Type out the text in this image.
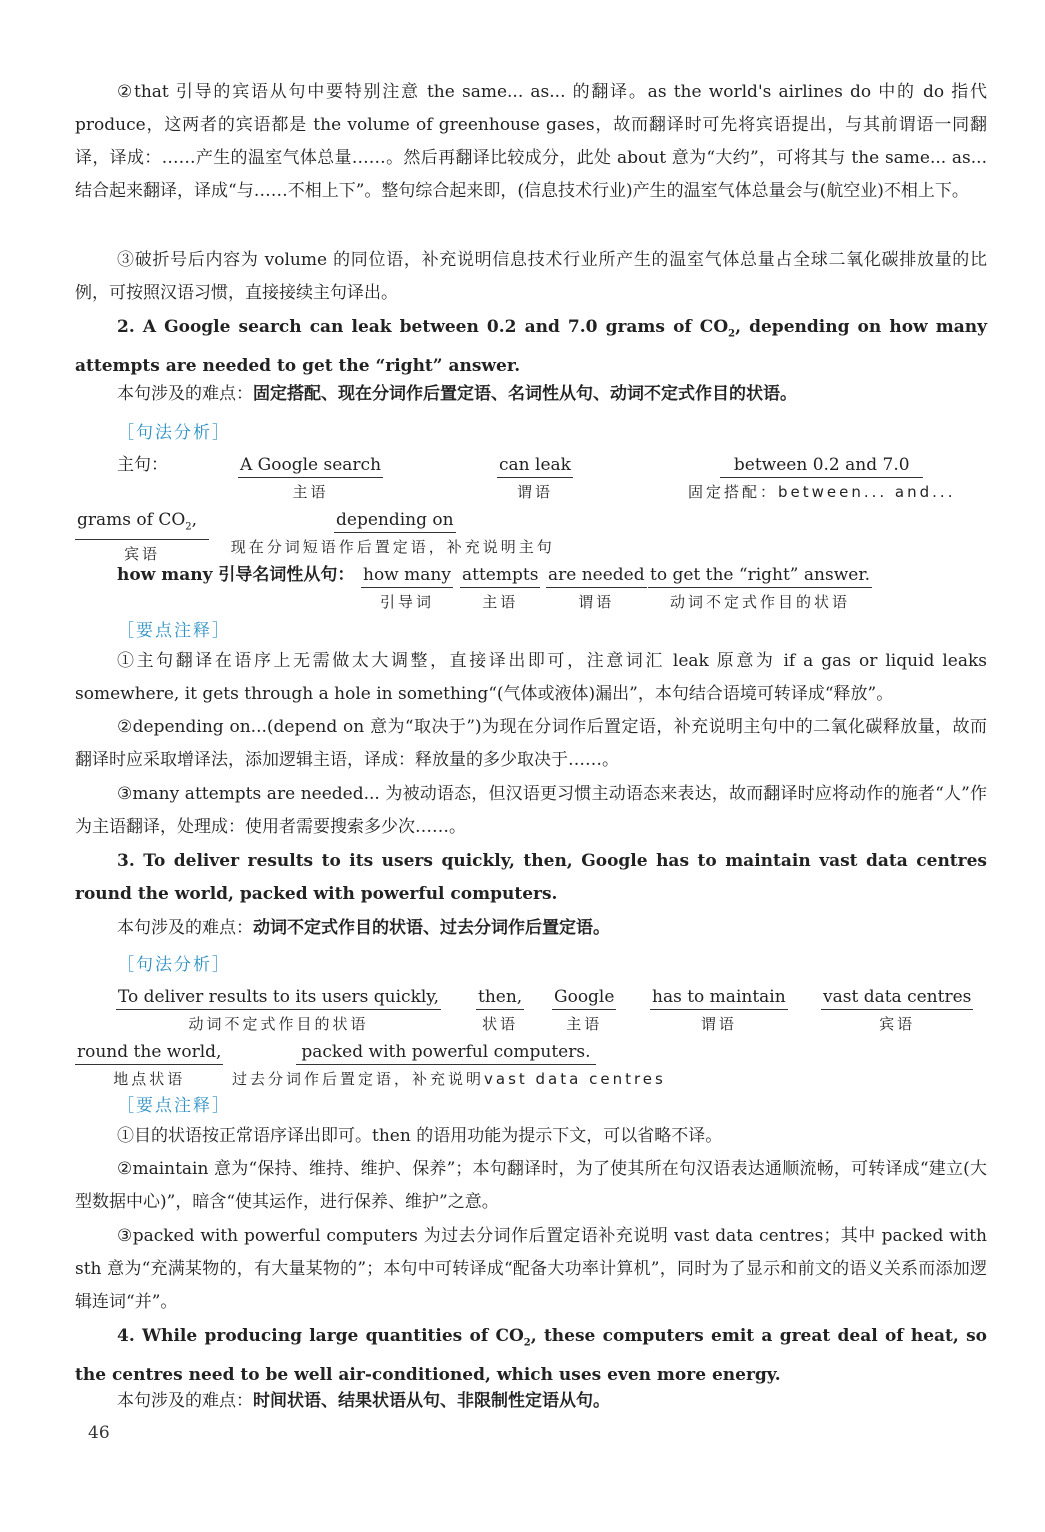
②that 引导的宾语从句中要特别注意 the same... as... 的翻译。as the world's airlines do 中的 do 指代 produce，这两者的宾语都是 the volume of greenhouse gases，故而翻译时可先将宾语提出，与其前谓语一同翻译，译成：……产生的温室气体总量……。然后再翻译比较成分，此处 about 意为“大约”，可将其与 the same... as... 结合起来翻译，译成“与……不相上下”。整句综合起来即，(信息技术行业)产生的温室气体总量会与(航空业)不相上下。

③破折号后内容为 volume 的同位语，补充说明信息技术行业所产生的温室气体总量占全球二氧化碳排放量的比例，可按照汉语习惯，直接接续主句译出。

2. A Google search can leak between 0.2 and 7.0 grams of $CO_2$, depending on how many attempts are needed to get the “right” answer.

本句涉及的难点：固定搭配、现在分词作后置定语、名词性从句、动词不定式作目的状语。

［句法分析］
主句：	A Google search
主语
can leak
谓语
between 0.2 and 7.0
固定搭配：between... and...
grams of $CO_2$,
宾语
depending on
现在分词短语作后置定语，补充说明主句
how many 引导名词性从句： how many
引导词
attempts
主语
are needed
谓语
to get the “right” answer.
动词不定式作目的状语
［要点注释］

①主句翻译在语序上无需做太大调整，直接译出即可，注意词汇 leak 原意为 if a gas or liquid leaks somewhere, it gets through a hole in something“(气体或液体)漏出”，本句结合语境可转译成“释放”。

②depending on...(depend on 意为“取决于”)为现在分词作后置定语，补充说明主句中的二氧化碳释放量，故而翻译时应采取增译法，添加逻辑主语，译成：释放量的多少取决于……。

③many attempts are needed... 为被动语态，但汉语更习惯主动语态来表达，故而翻译时应将动作的施者“人”作为主语翻译，处理成：使用者需要搜索多少次……。

3. To deliver results to its users quickly, then, Google has to maintain vast data centres round the world, packed with powerful computers.

本句涉及的难点：动词不定式作目的状语、过去分词作后置定语。

［句法分析］
To deliver results to its users quickly,
动词不定式作目的状语
then,
状语
Google
主语
has to maintain
谓语
vast data centres
宾语
round the world,
地点状语
packed with powerful computers.
过去分词作后置定语，补充说明vast data centres
［要点注释］

①目的状语按正常语序译出即可。then 的语用功能为提示下文，可以省略不译。

②maintain 意为“保持、维持、维护、保养”；本句翻译时，为了使其所在句汉语表达通顺流畅，可转译成“建立(大型数据中心)”，暗含“使其运作，进行保养、维护”之意。

③packed with powerful computers 为过去分词作后置定语补充说明 vast data centres；其中 packed with sth 意为“充满某物的，有大量某物的”；本句中可转译成“配备大功率计算机”，同时为了显示和前文的语义关系而添加逻辑连词“并”。

4. While producing large quantities of $CO_2$, these computers emit a great deal of heat, so the centres need to be well air-conditioned, which uses even more energy.

本句涉及的难点：时间状语、结果状语从句、非限制性定语从句。

46
